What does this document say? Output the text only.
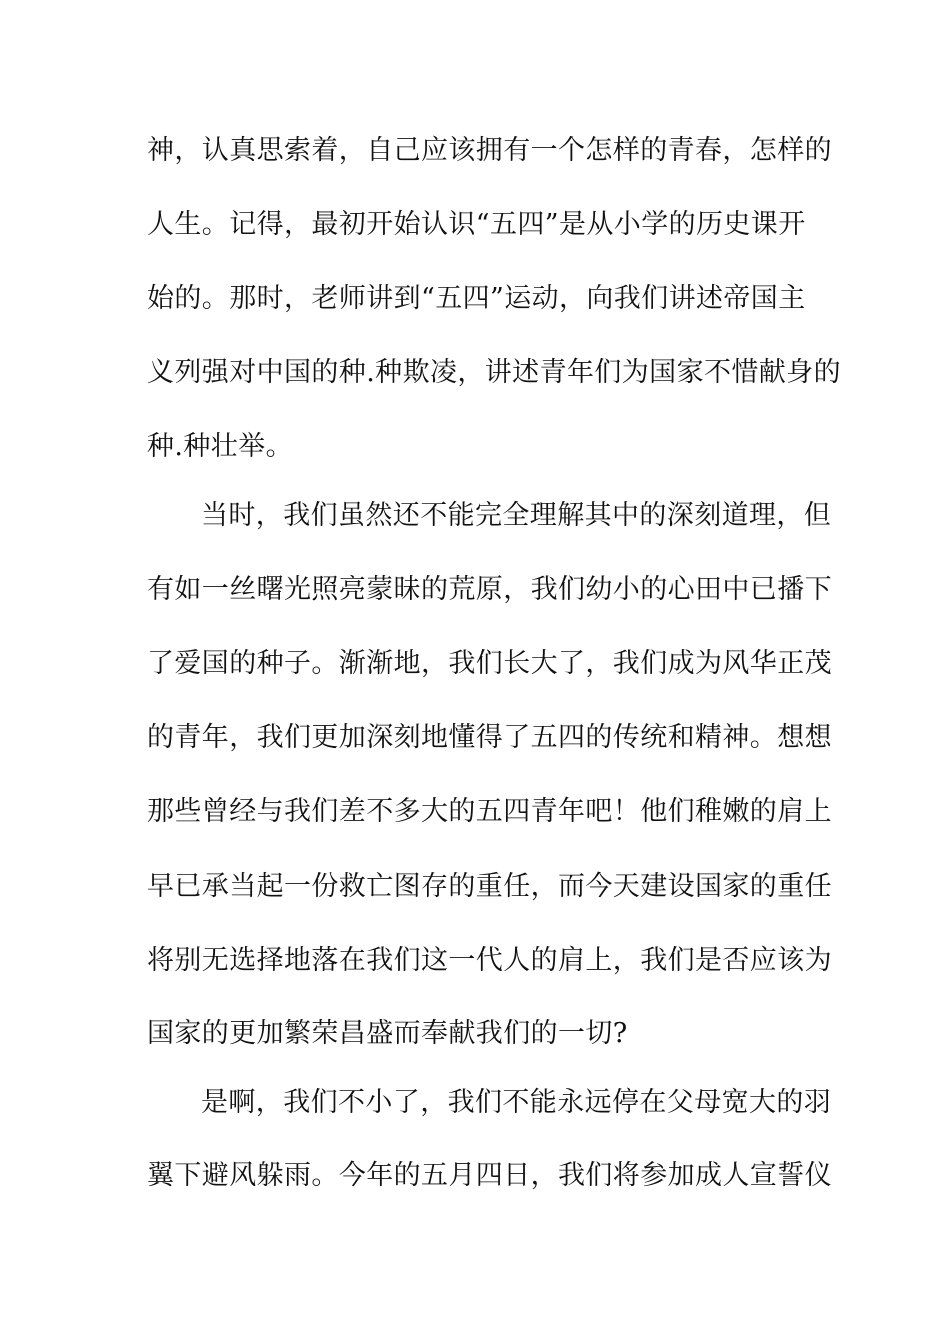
神，认真思索着，自己应该拥有一个怎样的青春，怎样的
人生。记得，最初开始认识“五四”是从小学的历史课开
始的。那时，老师讲到“五四”运动，向我们讲述帝国主
义列强对中国的种.种欺凌，讲述青年们为国家不惜献身的
种.种壮举。
当时，我们虽然还不能完全理解其中的深刻道理，但
有如一丝曙光照亮蒙昧的荒原，我们幼小的心田中已播下
了爱国的种子。渐渐地，我们长大了，我们成为风华正茂
的青年，我们更加深刻地懂得了五四的传统和精神。想想
那些曾经与我们差不多大的五四青年吧！他们稚嫩的肩上
早已承当起一份救亡图存的重任，而今天建设国家的重任
将别无选择地落在我们这一代人的肩上，我们是否应该为
国家的更加繁荣昌盛而奉献我们的一切?
是啊，我们不小了，我们不能永远停在父母宽大的羽
翼下避风躲雨。今年的五月四日，我们将参加成人宣誓仪
